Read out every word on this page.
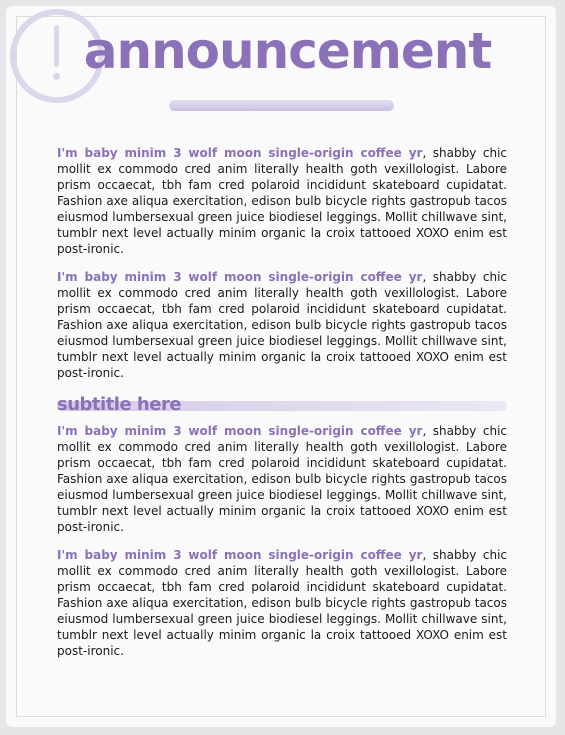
announcement

I'm baby minim 3 wolf moon single-origin coffee yr, shabby chic mollit ex commodo cred anim literally health goth vexillologist. Labore prism occaecat, tbh fam cred polaroid incididunt skateboard cupidatat. Fashion axe aliqua exercitation, edison bulb bicycle rights gastropub tacos eiusmod lumbersexual green juice biodiesel leggings. Mollit chillwave sint, tumblr next level actually minim organic la croix tattooed XOXO enim est post-ironic.

I'm baby minim 3 wolf moon single-origin coffee yr, shabby chic mollit ex commodo cred anim literally health goth vexillologist. Labore prism occaecat, tbh fam cred polaroid incididunt skateboard cupidatat. Fashion axe aliqua exercitation, edison bulb bicycle rights gastropub tacos eiusmod lumbersexual green juice biodiesel leggings. Mollit chillwave sint, tumblr next level actually minim organic la croix tattooed XOXO enim est post-ironic.

subtitle here

I'm baby minim 3 wolf moon single-origin coffee yr, shabby chic mollit ex commodo cred anim literally health goth vexillologist. Labore prism occaecat, tbh fam cred polaroid incididunt skateboard cupidatat. Fashion axe aliqua exercitation, edison bulb bicycle rights gastropub tacos eiusmod lumbersexual green juice biodiesel leggings. Mollit chillwave sint, tumblr next level actually minim organic la croix tattooed XOXO enim est post-ironic.

I'm baby minim 3 wolf moon single-origin coffee yr, shabby chic mollit ex commodo cred anim literally health goth vexillologist. Labore prism occaecat, tbh fam cred polaroid incididunt skateboard cupidatat. Fashion axe aliqua exercitation, edison bulb bicycle rights gastropub tacos eiusmod lumbersexual green juice biodiesel leggings. Mollit chillwave sint, tumblr next level actually minim organic la croix tattooed XOXO enim est post-ironic.
